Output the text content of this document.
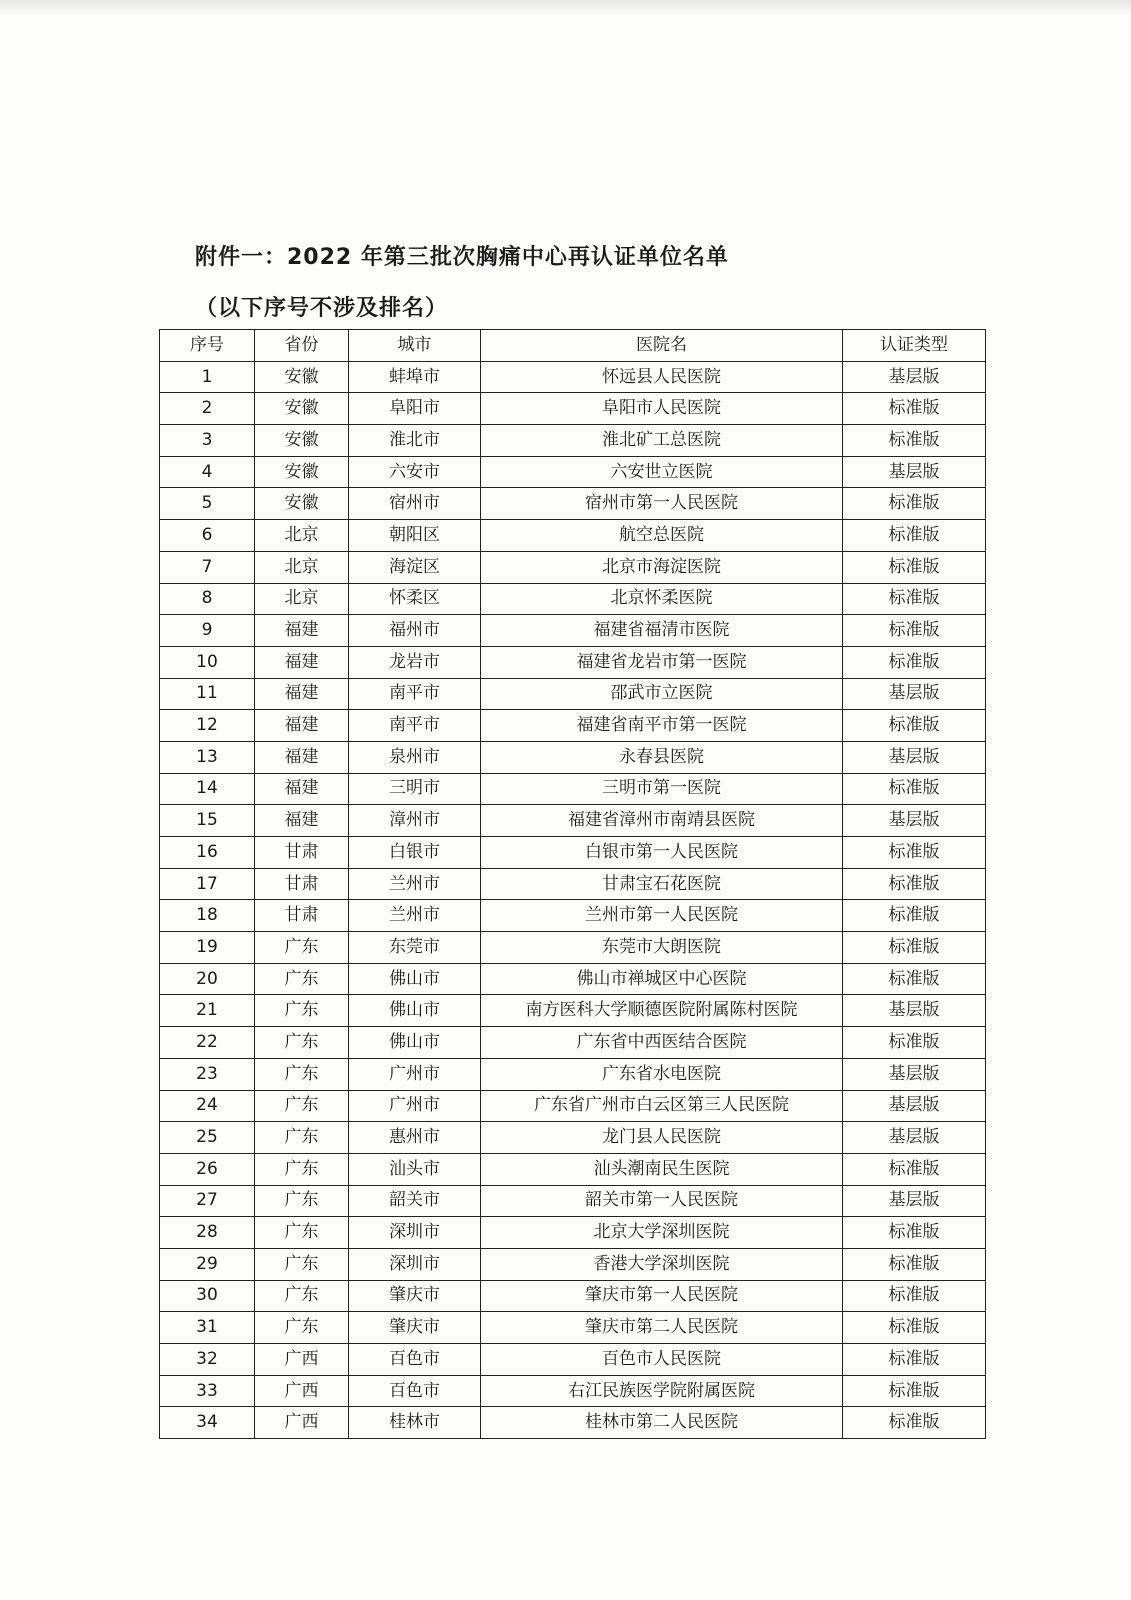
附件一：2022 年第三批次胸痛中心再认证单位名单
（以下序号不涉及排名）
序号	省份	城市	医院名	认证类型
1	安徽	蚌埠市	怀远县人民医院	基层版
2	安徽	阜阳市	阜阳市人民医院	标准版
3	安徽	淮北市	淮北矿工总医院	标准版
4	安徽	六安市	六安世立医院	基层版
5	安徽	宿州市	宿州市第一人民医院	标准版
6	北京	朝阳区	航空总医院	标准版
7	北京	海淀区	北京市海淀医院	标准版
8	北京	怀柔区	北京怀柔医院	标准版
9	福建	福州市	福建省福清市医院	标准版
10	福建	龙岩市	福建省龙岩市第一医院	标准版
11	福建	南平市	邵武市立医院	基层版
12	福建	南平市	福建省南平市第一医院	标准版
13	福建	泉州市	永春县医院	基层版
14	福建	三明市	三明市第一医院	标准版
15	福建	漳州市	福建省漳州市南靖县医院	基层版
16	甘肃	白银市	白银市第一人民医院	标准版
17	甘肃	兰州市	甘肃宝石花医院	标准版
18	甘肃	兰州市	兰州市第一人民医院	标准版
19	广东	东莞市	东莞市大朗医院	标准版
20	广东	佛山市	佛山市禅城区中心医院	标准版
21	广东	佛山市	南方医科大学顺德医院附属陈村医院	基层版
22	广东	佛山市	广东省中西医结合医院	标准版
23	广东	广州市	广东省水电医院	基层版
24	广东	广州市	广东省广州市白云区第三人民医院	基层版
25	广东	惠州市	龙门县人民医院	基层版
26	广东	汕头市	汕头潮南民生医院	标准版
27	广东	韶关市	韶关市第一人民医院	基层版
28	广东	深圳市	北京大学深圳医院	标准版
29	广东	深圳市	香港大学深圳医院	标准版
30	广东	肇庆市	肇庆市第一人民医院	标准版
31	广东	肇庆市	肇庆市第二人民医院	标准版
32	广西	百色市	百色市人民医院	标准版
33	广西	百色市	右江民族医学院附属医院	标准版
34	广西	桂林市	桂林市第二人民医院	标准版
